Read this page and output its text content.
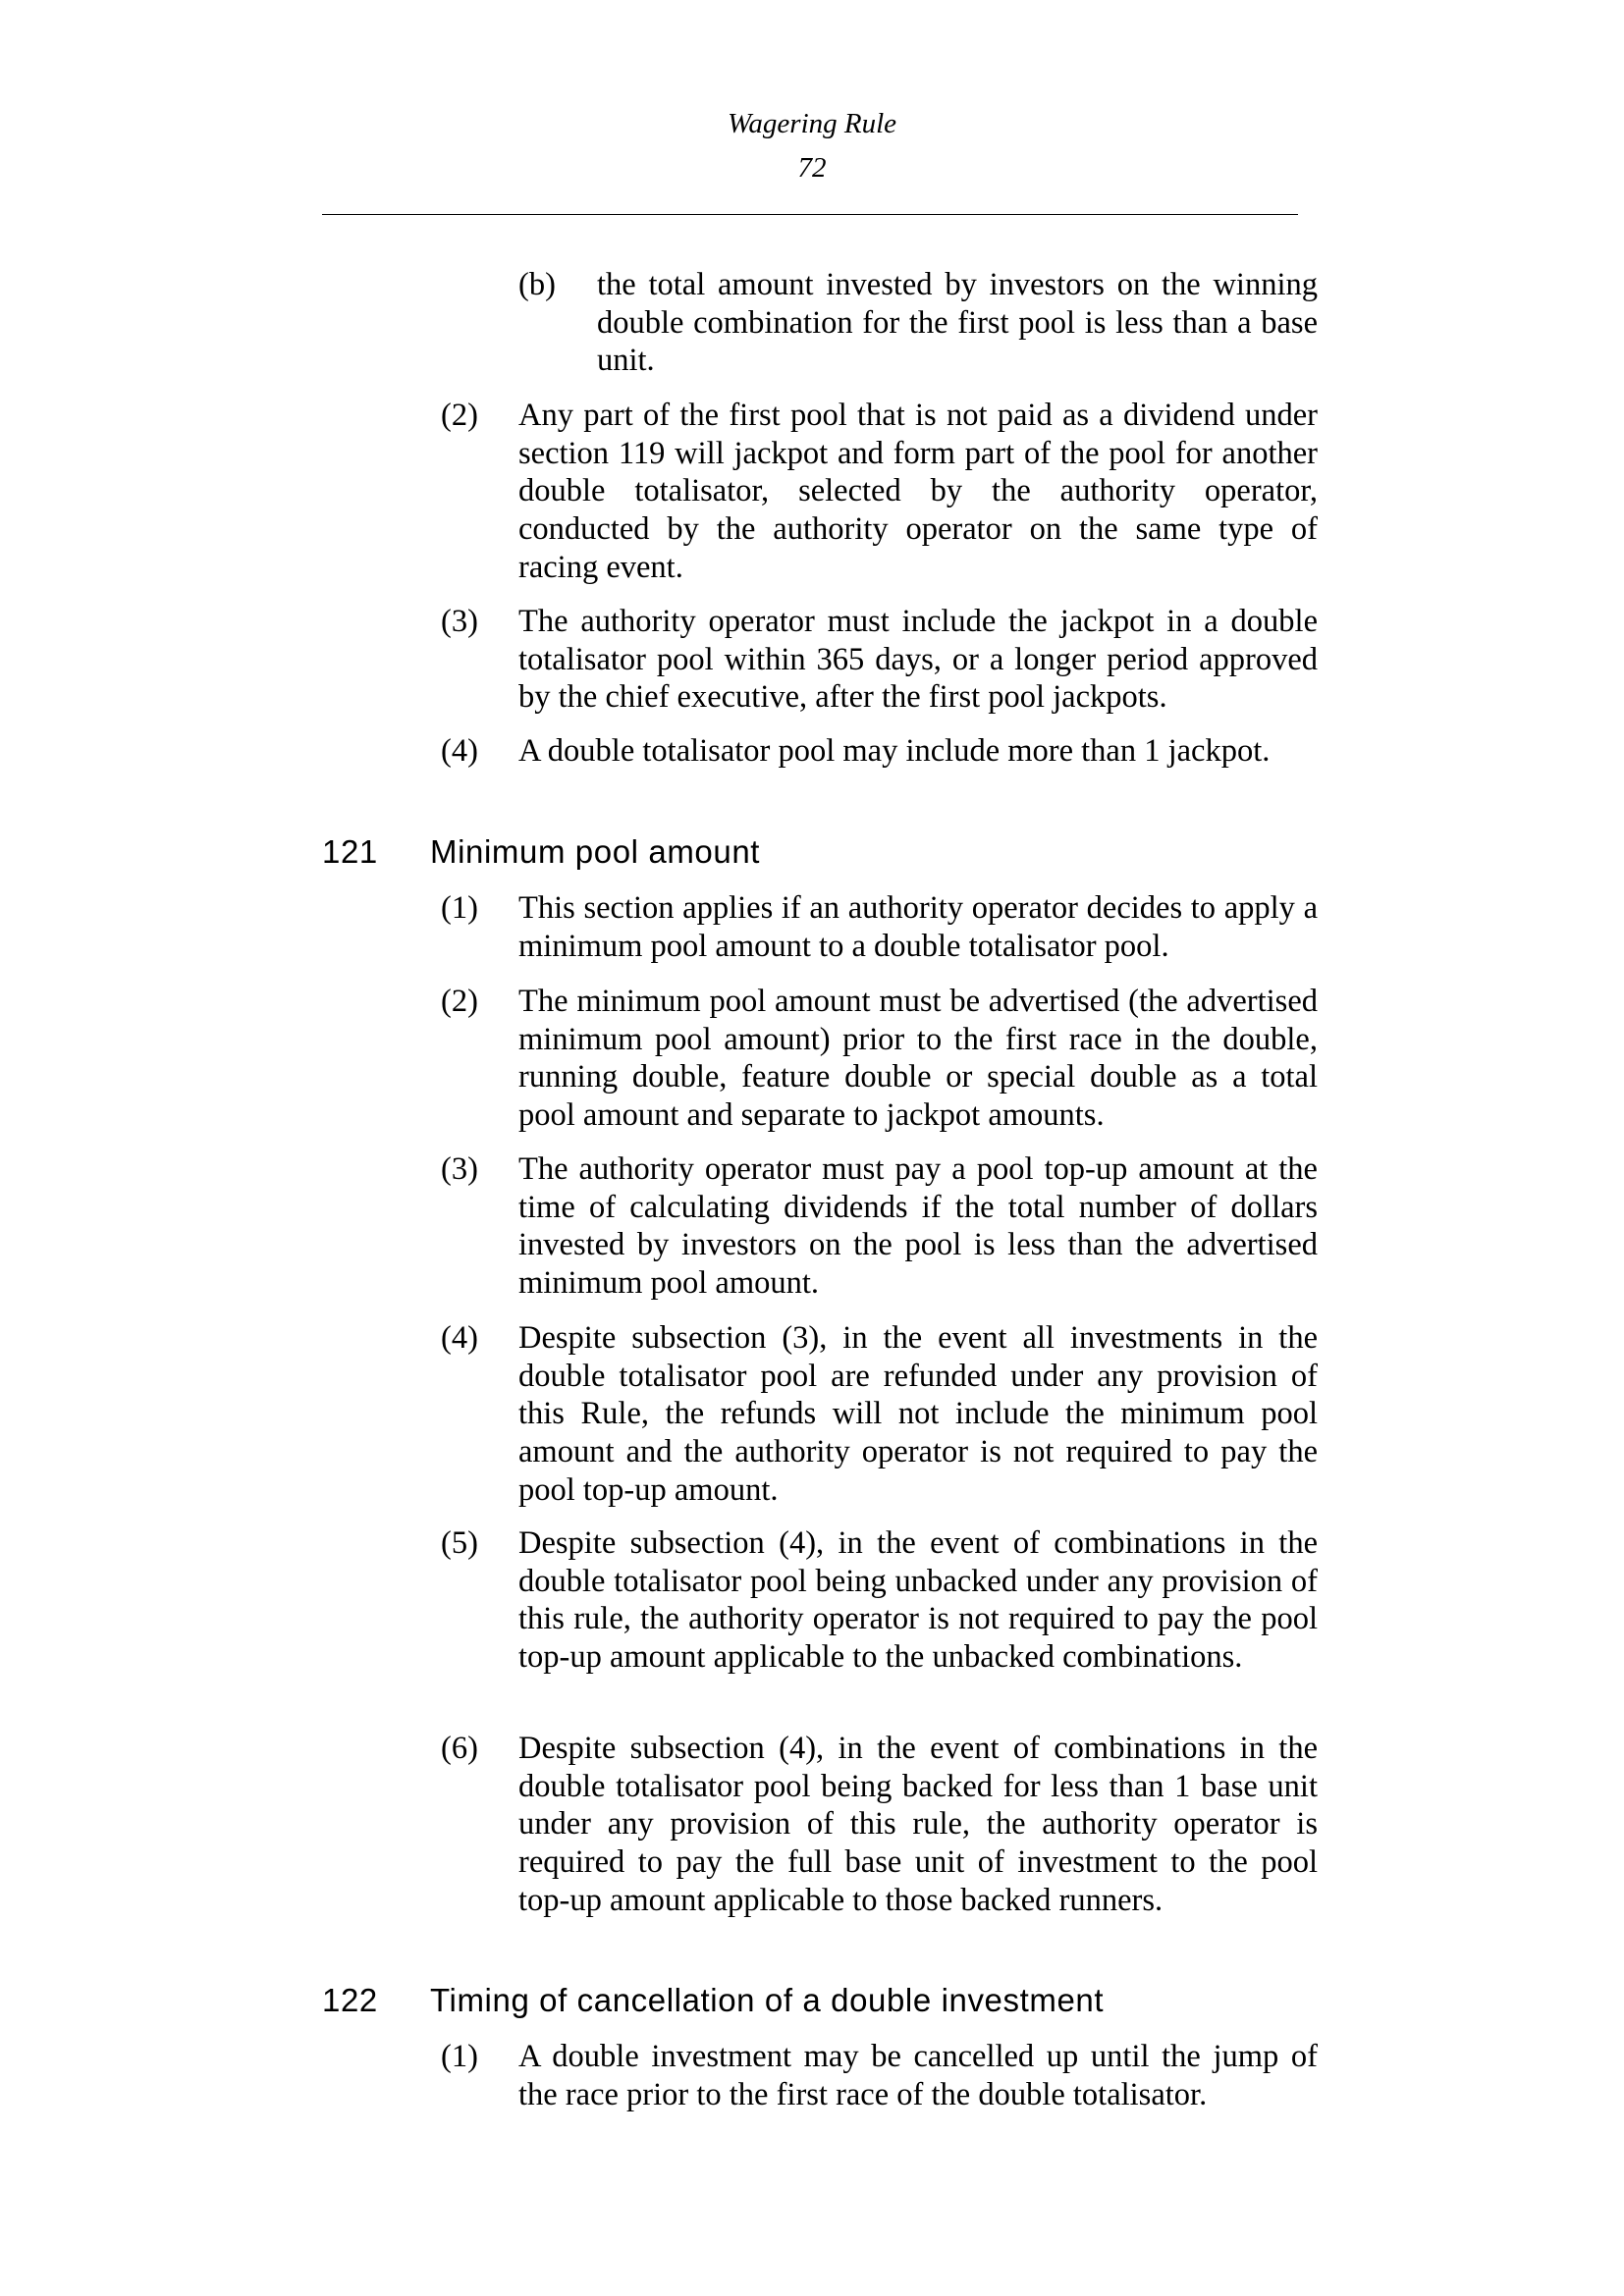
Wagering Rule
72
(b) the total amount invested by investors on the winning double combination for the first pool is less than a base unit.
(2) Any part of the first pool that is not paid as a dividend under section 119 will jackpot and form part of the pool for another double totalisator, selected by the authority operator, conducted by the authority operator on the same type of racing event.
(3) The authority operator must include the jackpot in a double totalisator pool within 365 days, or a longer period approved by the chief executive, after the first pool jackpots.
(4) A double totalisator pool may include more than 1 jackpot.
121 Minimum pool amount
(1) This section applies if an authority operator decides to apply a minimum pool amount to a double totalisator pool.
(2) The minimum pool amount must be advertised (the advertised minimum pool amount) prior to the first race in the double, running double, feature double or special double as a total pool amount and separate to jackpot amounts.
(3) The authority operator must pay a pool top-up amount at the time of calculating dividends if the total number of dollars invested by investors on the pool is less than the advertised minimum pool amount.
(4) Despite subsection (3), in the event all investments in the double totalisator pool are refunded under any provision of this Rule, the refunds will not include the minimum pool amount and the authority operator is not required to pay the pool top-up amount.
(5) Despite subsection (4), in the event of combinations in the double totalisator pool being unbacked under any provision of this rule, the authority operator is not required to pay the pool top-up amount applicable to the unbacked combinations.
(6) Despite subsection (4), in the event of combinations in the double totalisator pool being backed for less than 1 base unit under any provision of this rule, the authority operator is required to pay the full base unit of investment to the pool top-up amount applicable to those backed runners.
122 Timing of cancellation of a double investment
(1) A double investment may be cancelled up until the jump of the race prior to the first race of the double totalisator.
